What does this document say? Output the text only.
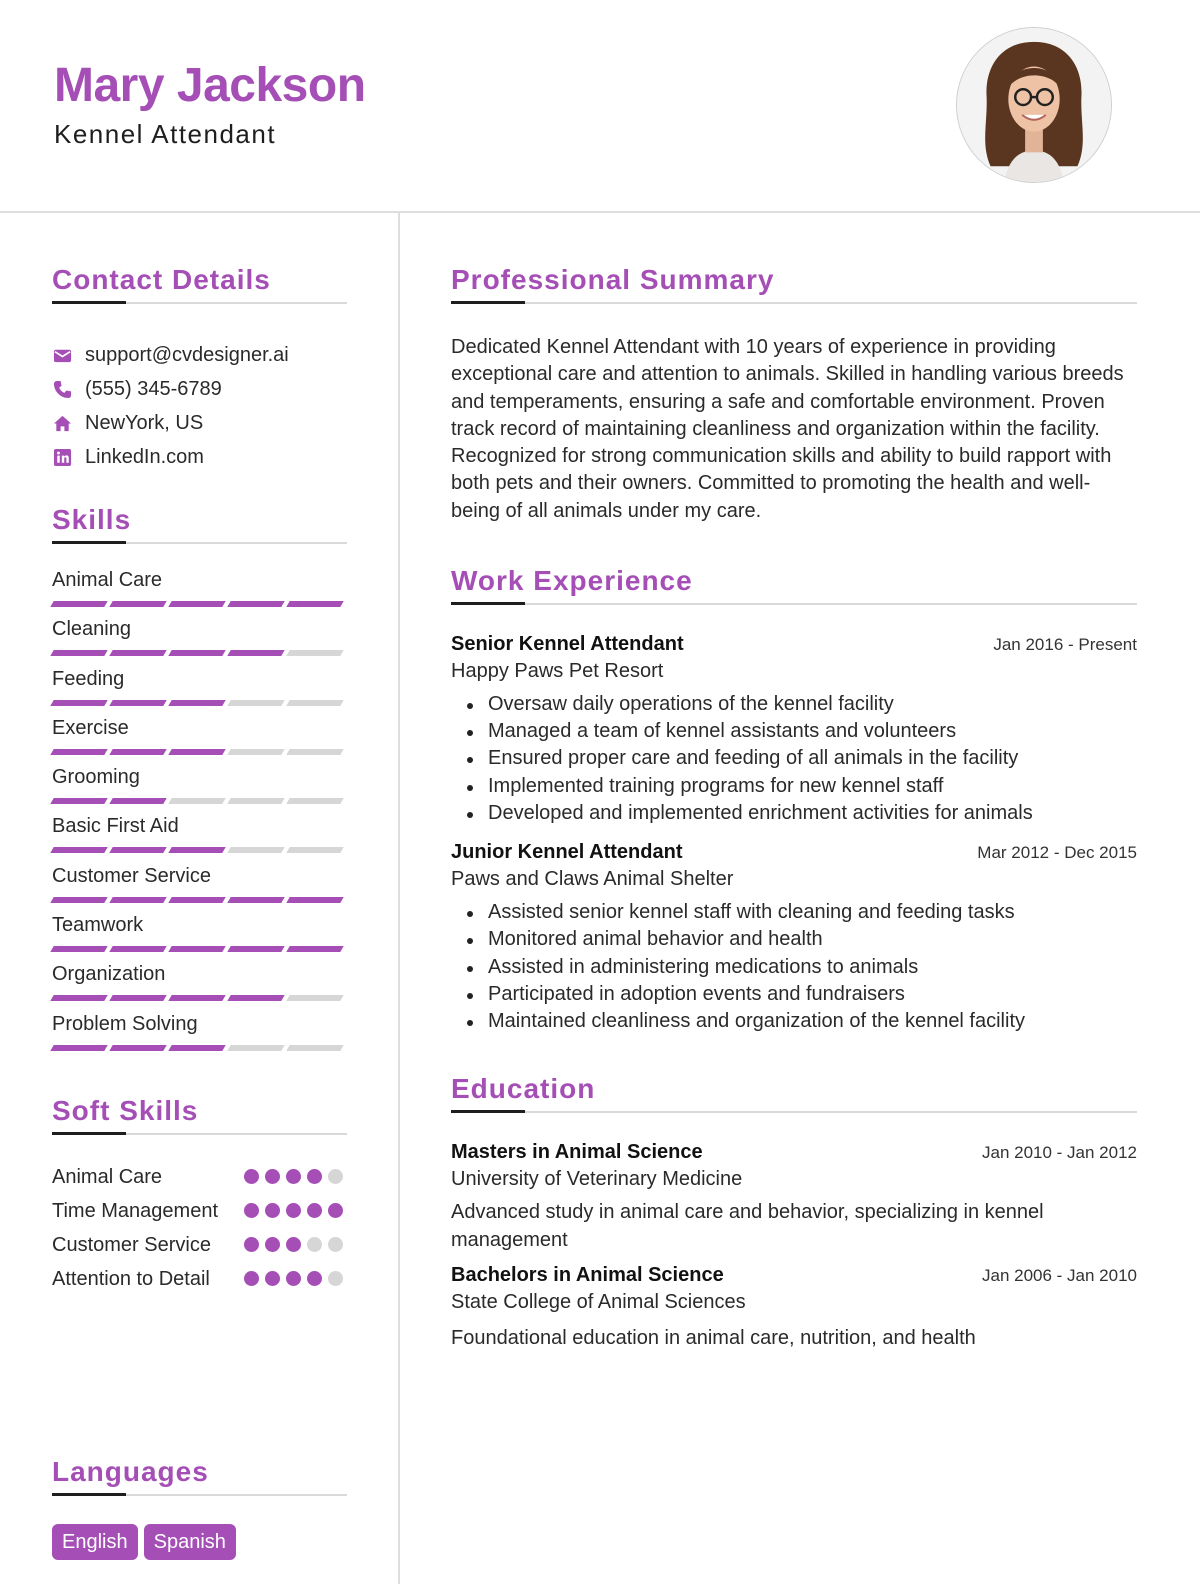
Mary Jackson
Kennel Attendant
Contact Details
support@cvdesigner.ai
(555) 345-6789
NewYork, US
LinkedIn.com
Skills
Animal Care
Cleaning
Feeding
Exercise
Grooming
Basic First Aid
Customer Service
Teamwork
Organization
Problem Solving
Soft Skills
Animal Care
Time Management
Customer Service
Attention to Detail
Languages
English	Spanish
Professional Summary

Dedicated Kennel Attendant with 10 years of experience in providing exceptional care and attention to animals. Skilled in handling various breeds and temperaments, ensuring a safe and comfortable environment. Proven track record of maintaining cleanliness and organization within the facility. Recognized for strong communication skills and ability to build rapport with both pets and their owners. Committed to promoting the health and well-being of all animals under my care.

Work Experience
Senior Kennel Attendant	Jan 2016 - Present
Happy Paws Pet Resort
Oversaw daily operations of the kennel facility
Managed a team of kennel assistants and volunteers
Ensured proper care and feeding of all animals in the facility
Implemented training programs for new kennel staff
Developed and implemented enrichment activities for animals
Junior Kennel Attendant	Mar 2012 - Dec 2015
Paws and Claws Animal Shelter
Assisted senior kennel staff with cleaning and feeding tasks
Monitored animal behavior and health
Assisted in administering medications to animals
Participated in adoption events and fundraisers
Maintained cleanliness and organization of the kennel facility
Education
Masters in Animal Science	Jan 2010 - Jan 2012
University of Veterinary Medicine
Advanced study in animal care and behavior, specializing in kennel management
Bachelors in Animal Science	Jan 2006 - Jan 2010
State College of Animal Sciences
Foundational education in animal care, nutrition, and health
